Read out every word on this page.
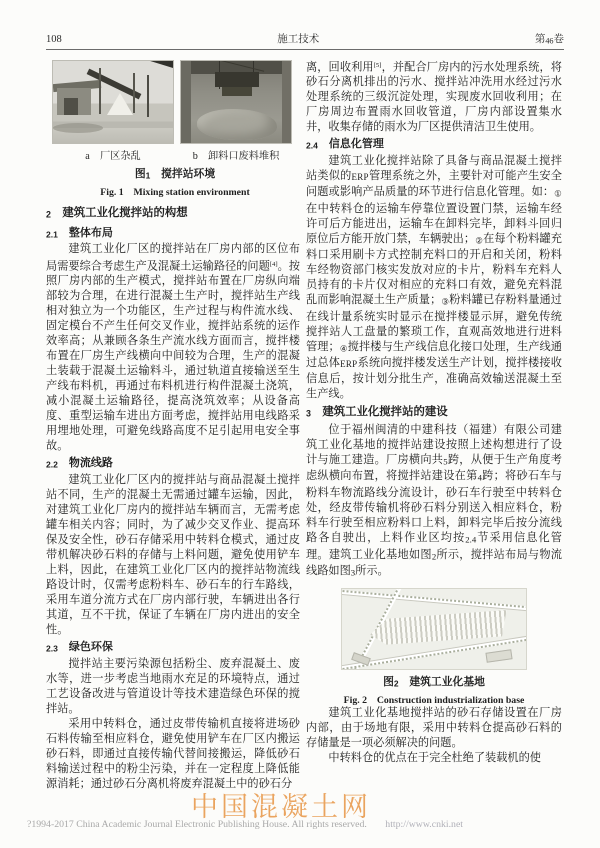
108	施工技术	第46卷
a　厂区杂乱	b　卸料口废料堆积
图1　搅拌站环境
Fig. 1　Mixing station environment
2　建筑工业化搅拌站的构想
2.1　整体布局

建筑工业化厂区的搅拌站在厂房内部的区位布局需要综合考虑生产及混凝土运输路径的问题[4]。按照厂房内部的生产模式，搅拌站布置在厂房纵向端部较为合理，在进行混凝土生产时，搅拌站生产线相对独立为一个功能区，生产过程与构件流水线、固定模台不产生任何交叉作业，搅拌站系统的运作效率高；从兼顾各条生产流水线方面而言，搅拌楼布置在厂房生产线横向中间较为合理，生产的混凝土装载于混凝土运输料斗，通过轨道直接输送至生产线布料机，再通过布料机进行构件混凝土浇筑，减小混凝土运输路径，提高浇筑效率；从设备高度、重型运输车进出方面考虑，搅拌站用电线路采用埋地处理，可避免线路高度不足引起用电安全事故。

2.2　物流线路

建筑工业化厂区内的搅拌站与商品混凝土搅拌站不同，生产的混凝土无需通过罐车运输，因此，对建筑工业化厂房内的搅拌站车辆而言，无需考虑罐车相关内容；同时，为了减少交叉作业、提高环保及安全性，砂石存储采用中转料仓模式，通过皮带机解决砂石料的存储与上料问题，避免使用铲车上料，因此，在建筑工业化厂区内的搅拌站物流线路设计时，仅需考虑粉料车、砂石车的行车路线，采用车道分流方式在厂房内部行驶，车辆进出各行其道，互不干扰，保证了车辆在厂房内进出的安全性。

2.3　绿色环保

搅拌站主要污染源包括粉尘、废弃混凝土、废水等，进一步考虑当地雨水充足的环境特点，通过工艺设备改进与管道设计等技术建造绿色环保的搅拌站。

采用中转料仓，通过皮带传输机直接将进场砂石料传输至相应料仓，避免使用铲车在厂区内搬运砂石料，即通过直接传输代替间接搬运，降低砂石料输送过程中的粉尘污染，并在一定程度上降低能源消耗；通过砂石分离机将废弃混凝土中的砂石分

离，回收利用[5]，并配合厂房内的污水处理系统，将砂石分离机排出的污水、搅拌站冲洗用水经过污水处理系统的三级沉淀处理，实现废水回收利用；在厂房周边布置雨水回收管道，厂房内部设置集水井，收集存储的雨水为厂区提供清洁卫生使用。

2.4　信息化管理

建筑工业化搅拌站除了具备与商品混凝土搅拌站类似的ERP管理系统之外，主要针对可能产生安全问题或影响产品质量的环节进行信息化管理。如：①在中转料仓的运输车停靠位置设置门禁，运输车经许可后方能进出，运输车在卸料完毕，卸料斗回归原位后方能开放门禁，车辆驶出；②在每个粉料罐充料口采用刷卡方式控制充料口的开启和关闭，粉料车经物资部门核实发放对应的卡片，粉料车充料人员持有的卡片仅对相应的充料口有效，避免充料混乱而影响混凝土生产质量；③粉料罐已存粉料量通过在线计量系统实时显示在搅拌楼显示屏，避免传统搅拌站人工盘量的繁琐工作，直观高效地进行进料管理；④搅拌楼与生产线信息化接口处理，生产线通过总体ERP系统向搅拌楼发送生产计划，搅拌楼接收信息后，按计划分批生产，准确高效输送混凝土至生产线。

3　建筑工业化搅拌站的建设

位于福州闽清的中建科技（福建）有限公司建筑工业化基地的搅拌站建设按照上述构想进行了设计与施工建造。厂房横向共5跨，从便于生产角度考虑纵横向布置，将搅拌站建设在第4跨；将砂石车与粉料车物流路线分流设计，砂石车行驶至中转料仓处，经皮带传输机将砂石料分别送入相应料仓，粉料车行驶至相应粉料口上料，卸料完毕后按分流线路各自驶出，上料作业区均按2.4节采用信息化管理。建筑工业化基地如图2所示，搅拌站布局与物流线路如图3所示。

图2　建筑工业化基地
Fig. 2　Construction industrialization base

建筑工业化基地搅拌站的砂石存储设置在厂房内部，由于场地有限，采用中转料仓提高砂石料的存储量是一项必须解决的问题。

中转料仓的优点在于完全杜绝了装载机的使

中国混凝土网
?1994-2017 China Academic Journal Electronic Publishing House. All rights reserved. http://www.cnki.net
